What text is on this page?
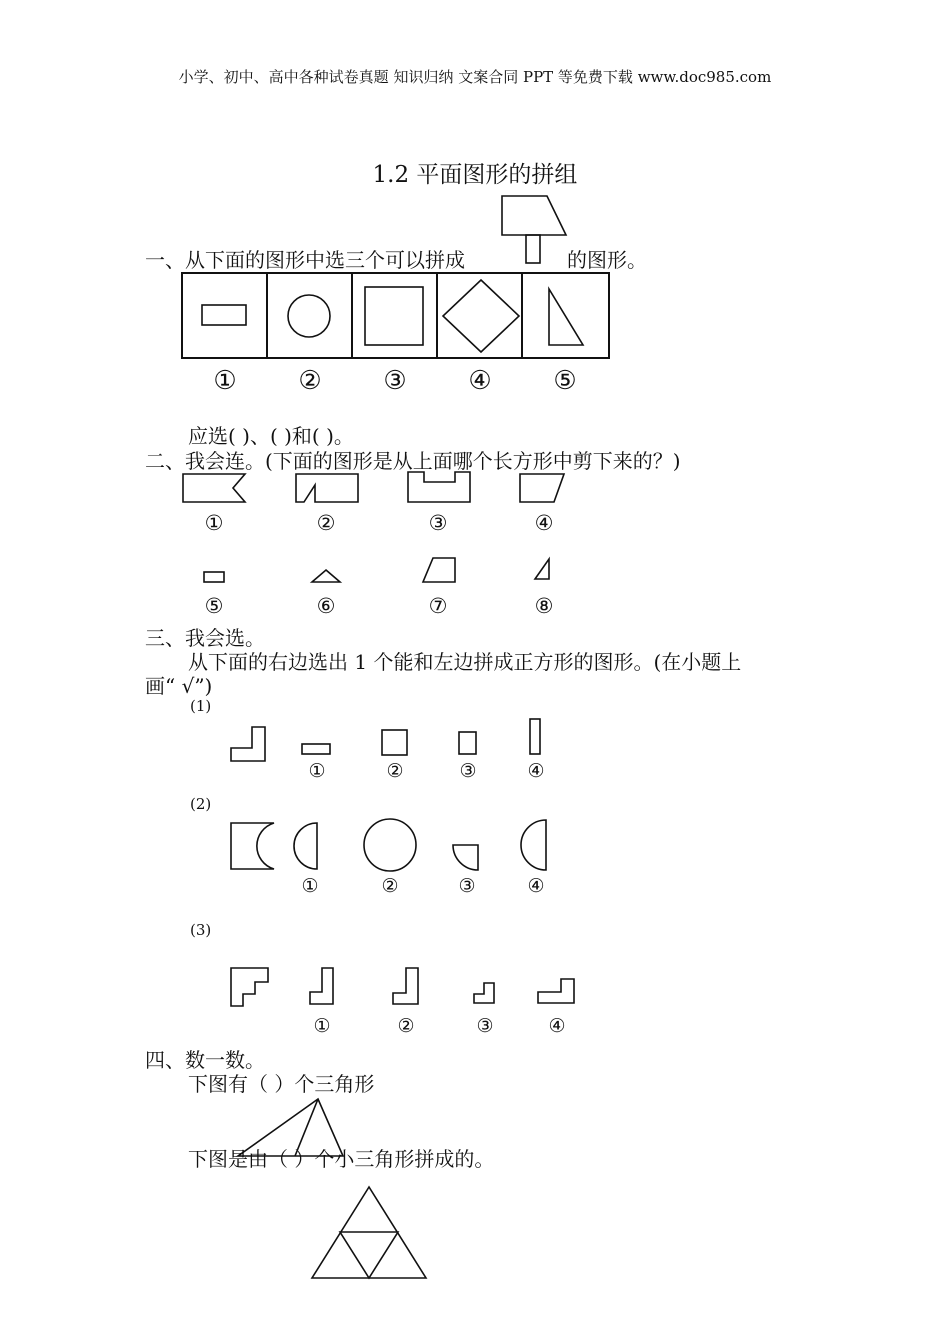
小学、初中、高中各种试卷真题 知识归纳 文案合同 PPT 等免费下载 www.doc985.com
1.2 平面图形的拼组
一、从下面的图形中选三个可以拼成	的图形。
应选( )、( )和( )。
① ② ③ ④ ⑤
二、我会连。(下面的图形是从上面哪个长方形中剪下来的？)
①	②	③	④
⑤	⑥	⑦	⑧
三、我会选。
从下面的右边选出 1 个能和左边拼成正方形的图形。(在小题上
画“ √”)
(1)
(2)
(3)
①	②	③	④
①	②	③	④
①	②	③	④
四、数一数。
下图有（ ）个三角形
下图是由（ ）个小三角形拼成的。
